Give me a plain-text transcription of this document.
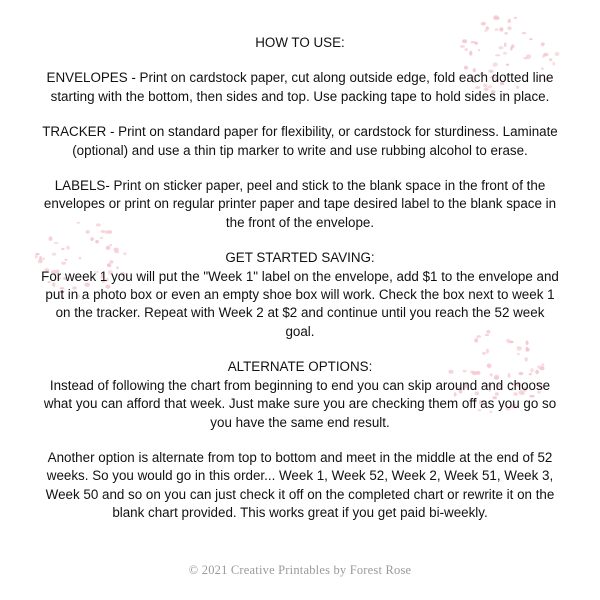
HOW TO USE:

ENVELOPES - Print on cardstock paper, cut along outside edge, fold each dotted line starting with the bottom, then sides and top. Use packing tape to hold sides in place.

TRACKER - Print on standard paper for flexibility, or cardstock for sturdiness. Laminate (optional) and use a thin tip marker to write and use rubbing alcohol to erase.

LABELS- Print on sticker paper, peel and stick to the blank space in the front of the envelopes or print on regular printer paper and tape desired label to the blank space in the front of the envelope.

GET STARTED SAVING:
For week 1 you will put the "Week 1" label on the envelope, add $1 to the envelope and put in a photo box or even an empty shoe box will work. Check the box next to week 1 on the tracker. Repeat with Week 2 at $2 and continue until you reach the 52 week goal.

ALTERNATE OPTIONS:
Instead of following the chart from beginning to end you can skip around and choose what you can afford that week. Just make sure you are checking them off as you go so you have the same end result.

Another option is alternate from top to bottom and meet in the middle at the end of 52 weeks. So you would go in this order... Week 1, Week 52, Week 2, Week 51, Week 3, Week 50 and so on you can just check it off on the completed chart or rewrite it on the blank chart provided. This works great if you get paid bi-weekly.

© 2021 Creative Printables by Forest Rose
